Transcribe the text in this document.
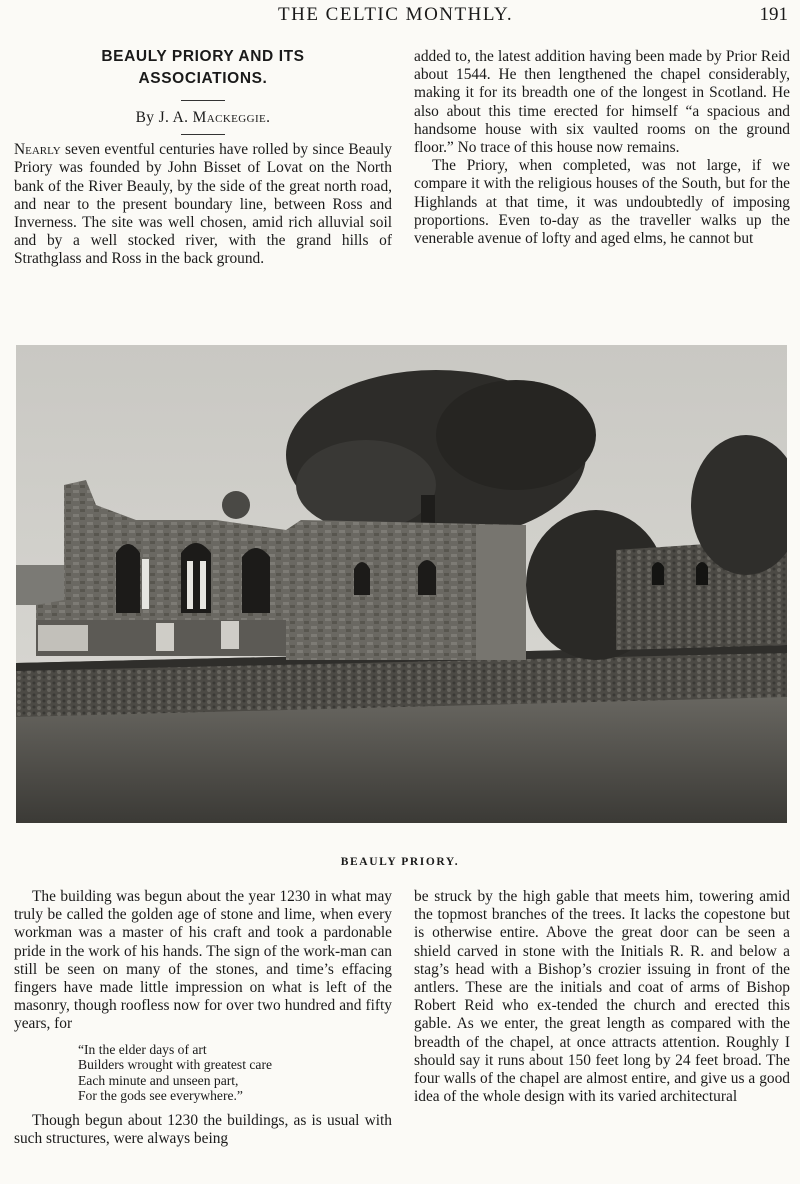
THE CELTIC MONTHLY.	191
BEAULY PRIORY AND ITS
ASSOCIATIONS.
By J. A. Mackeggie.

Nearly seven eventful centuries have rolled by since Beauly Priory was founded by John Bisset of Lovat on the North bank of the River Beauly, by the side of the great north road, and near to the present boundary line, between Ross and Inverness. The site was well chosen, amid rich alluvial soil and by a well stocked river, with the grand hills of Strathglass and Ross in the back ground.

added to, the latest addition having been made by Prior Reid about 1544. He then lengthened the chapel considerably, making it for its breadth one of the longest in Scotland. He also about this time erected for himself “a spacious and handsome house with six vaulted rooms on the ground floor.” No trace of this house now remains.

The Priory, when completed, was not large, if we compare it with the religious houses of the South, but for the Highlands at that time, it was undoubtedly of imposing proportions. Even to-day as the traveller walks up the venerable avenue of lofty and aged elms, he cannot but

BEAULY PRIORY.

The building was begun about the year 1230 in what may truly be called the golden age of stone and lime, when every workman was a master of his craft and took a pardonable pride in the work of his hands. The sign of the work-man can still be seen on many of the stones, and time’s effacing fingers have made little impression on what is left of the masonry, though roofless now for over two hundred and fifty years, for

“In the elder days of art
Builders wrought with greatest care
Each minute and unseen part,
For the gods see everywhere.”

Though begun about 1230 the buildings, as is usual with such structures, were always being

be struck by the high gable that meets him, towering amid the topmost branches of the trees. It lacks the copestone but is otherwise entire. Above the great door can be seen a shield carved in stone with the Initials R. R. and below a stag’s head with a Bishop’s crozier issuing in front of the antlers. These are the initials and coat of arms of Bishop Robert Reid who ex-tended the church and erected this gable. As we enter, the great length as compared with the breadth of the chapel, at once attracts attention. Roughly I should say it runs about 150 feet long by 24 feet broad. The four walls of the chapel are almost entire, and give us a good idea of the whole design with its varied architectural
